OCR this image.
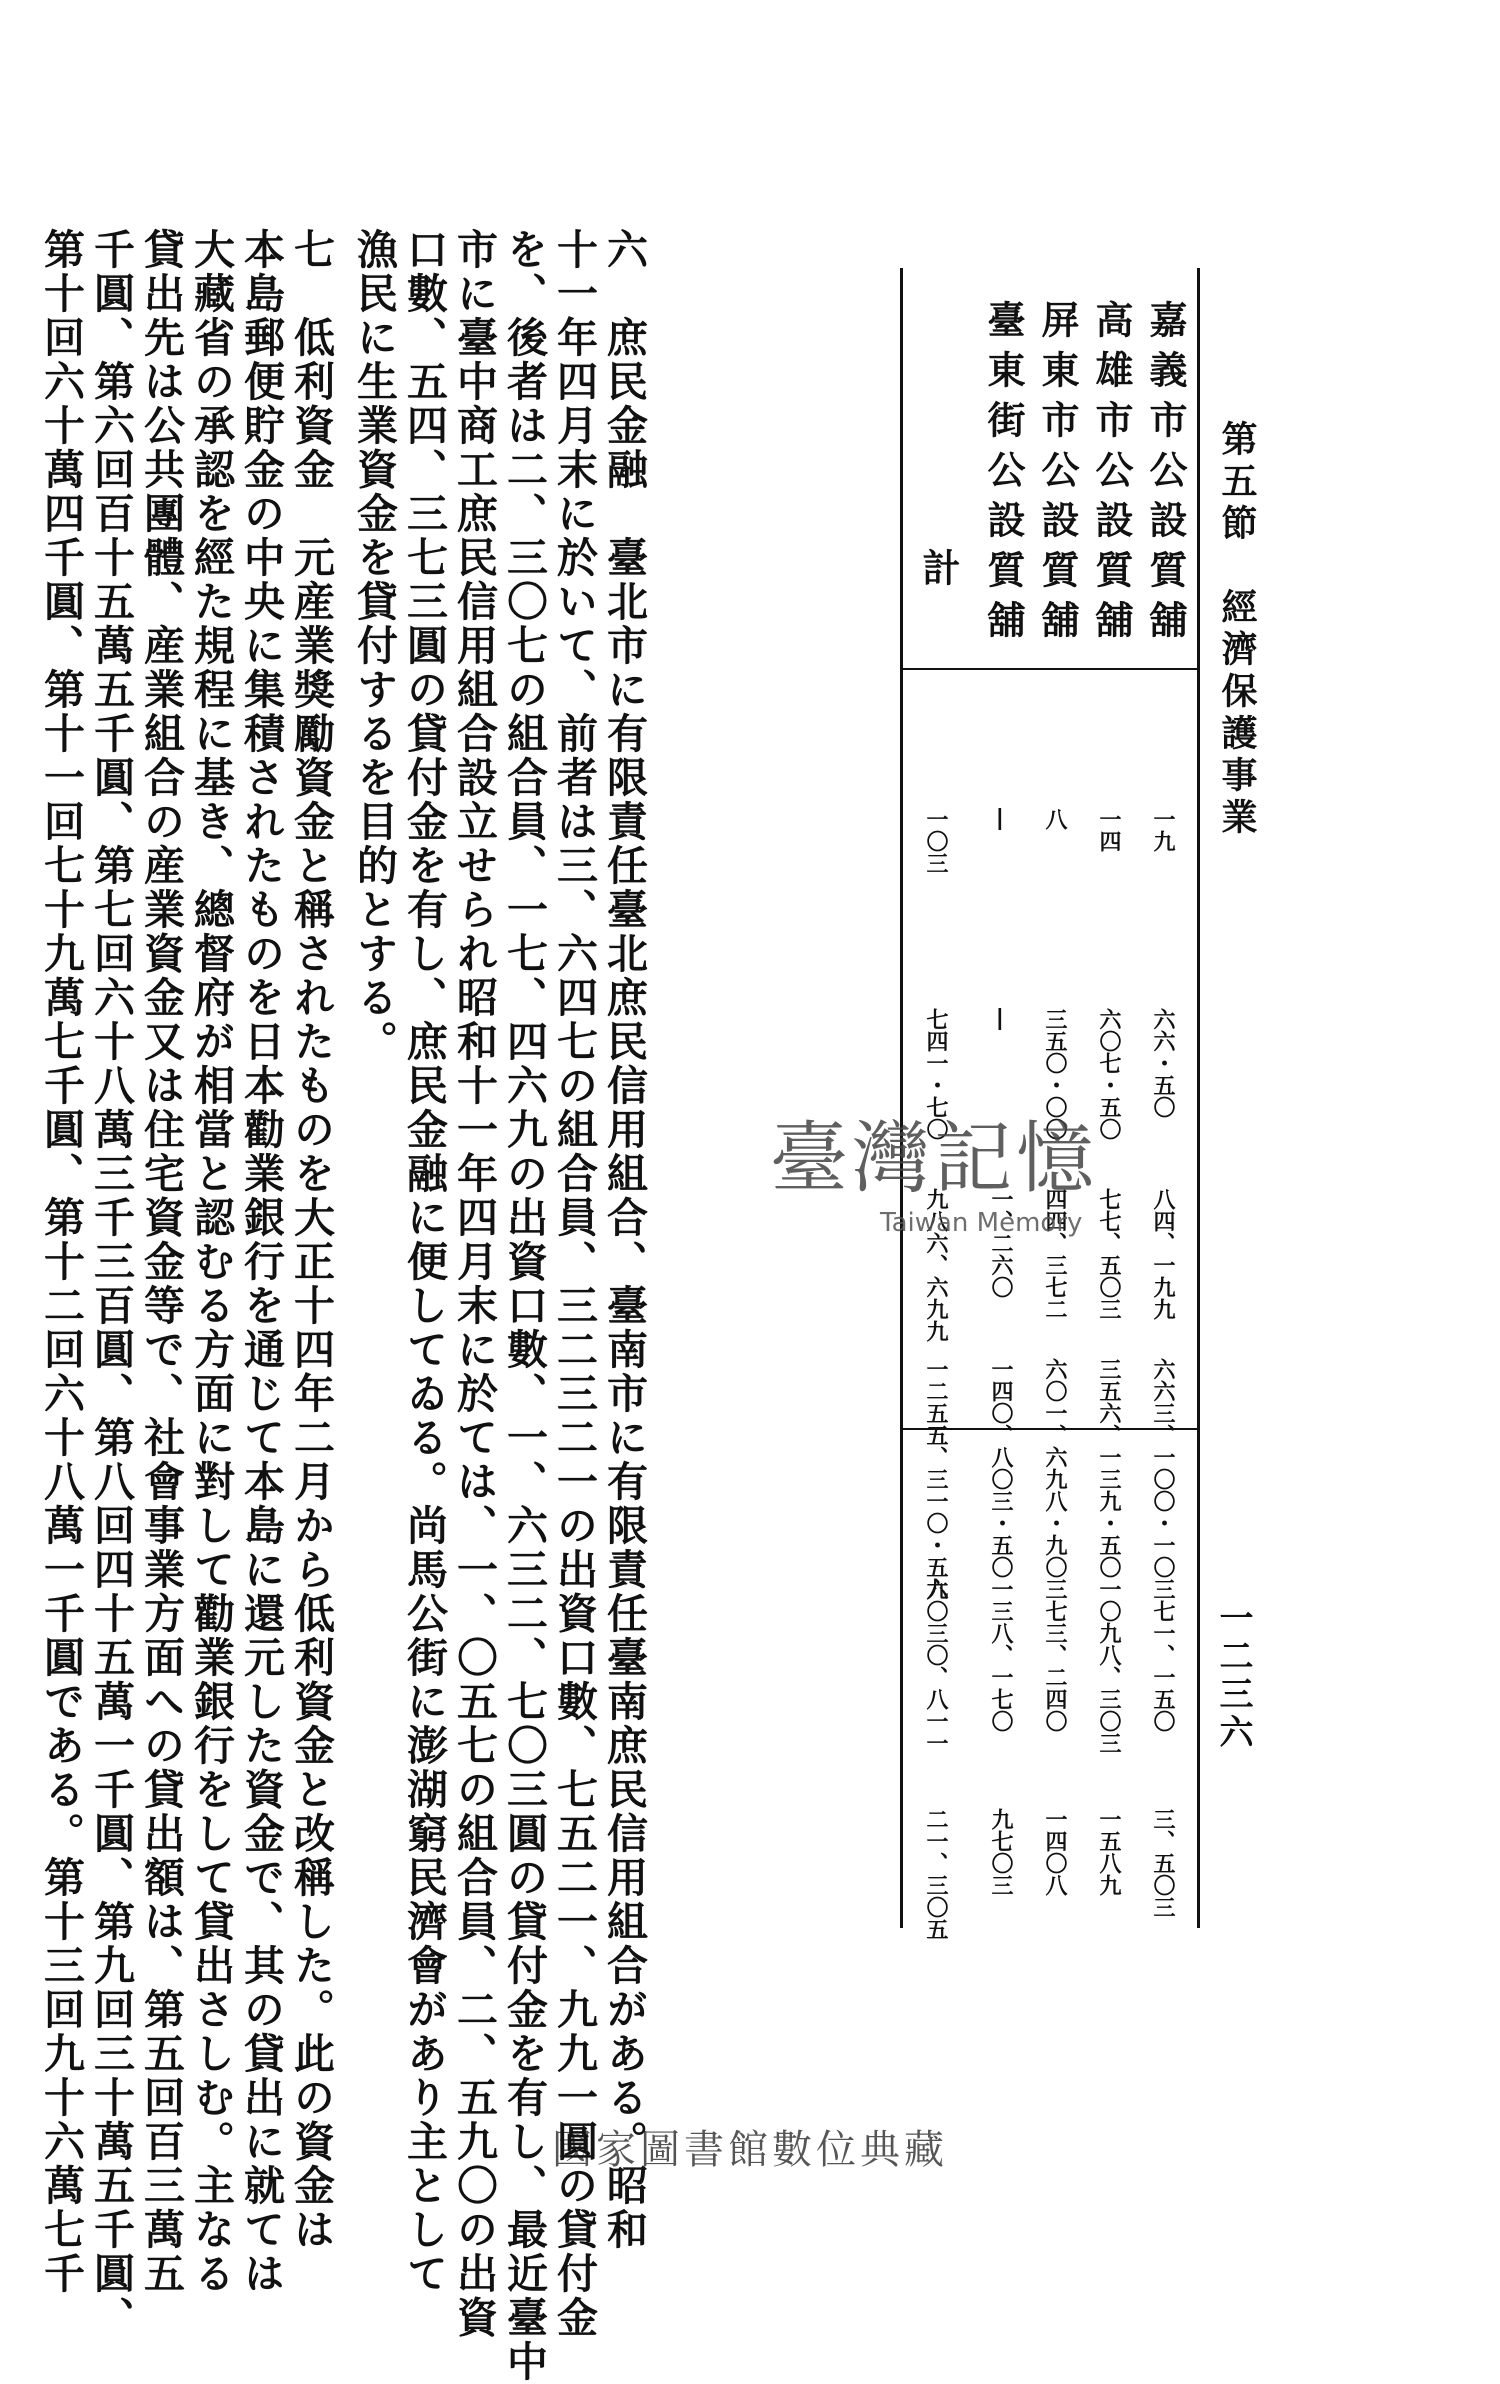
第五節　經濟保護事業
一二三六
嘉義市公設質舖
一九
六六・五〇
八四、一九九
六六三、一〇〇・一〇
三七一、一五〇
三、五〇三
高雄市公設質舖
一四
六〇七・五〇
七七、五〇三
三五六、一三九・五〇
一〇九八、三〇三
一五八九
屏東市公設質舖
八
三五〇・〇〇
四四、三七二
六〇一、六九八・九〇
三七三、二四〇
一四〇八
臺東街公設質舖
―
―
一、二六〇
一四〇、八〇三・五〇
一三八、一七〇
九七〇三
計
一〇三
七四一・七〇
九八六、六九九
一二五五、三一〇・五九
六〇三〇、八一一
二一、三〇五
臺灣記憶
Taiwan Memory
國家圖書館數位典藏
六　庶民金融　臺北市に有限責任臺北庶民信用組合、臺南市に有限責任臺南庶民信用組合がある。昭和
十一年四月末に於いて、前者は三、六四七の組合員、三二三二一の出資口數、七五二一、九九一圓の貸付金
を、後者は二、三〇七の組合員、一七、四六九の出資口數、一、六三二、七〇三圓の貸付金を有し、最近臺中
市に臺中商工庶民信用組合設立せられ昭和十一年四月末に於ては、一、〇五七の組合員、二、五九〇の出資
口數、五四、三七三圓の貸付金を有し、庶民金融に便してゐる。尚馬公街に澎湖窮民濟會があり主として
漁民に生業資金を貸付するを目的とする。
七　低利資金　元産業獎勵資金と稱されたものを大正十四年二月から低利資金と改稱した。此の資金は
本島郵便貯金の中央に集積されたものを日本勸業銀行を通じて本島に還元した資金で、其の貸出に就ては
大藏省の承認を經た規程に基き、總督府が相當と認むる方面に對して勸業銀行をして貸出さしむ。主なる
貸出先は公共團體、産業組合の産業資金又は住宅資金等で、社會事業方面への貸出額は、第五回百三萬五
千圓、第六回百十五萬五千圓、第七回六十八萬三千三百圓、第八回四十五萬一千圓、第九回三十萬五千圓、
第十回六十萬四千圓、第十一回七十九萬七千圓、第十二回六十八萬一千圓である。第十三回九十六萬七千
